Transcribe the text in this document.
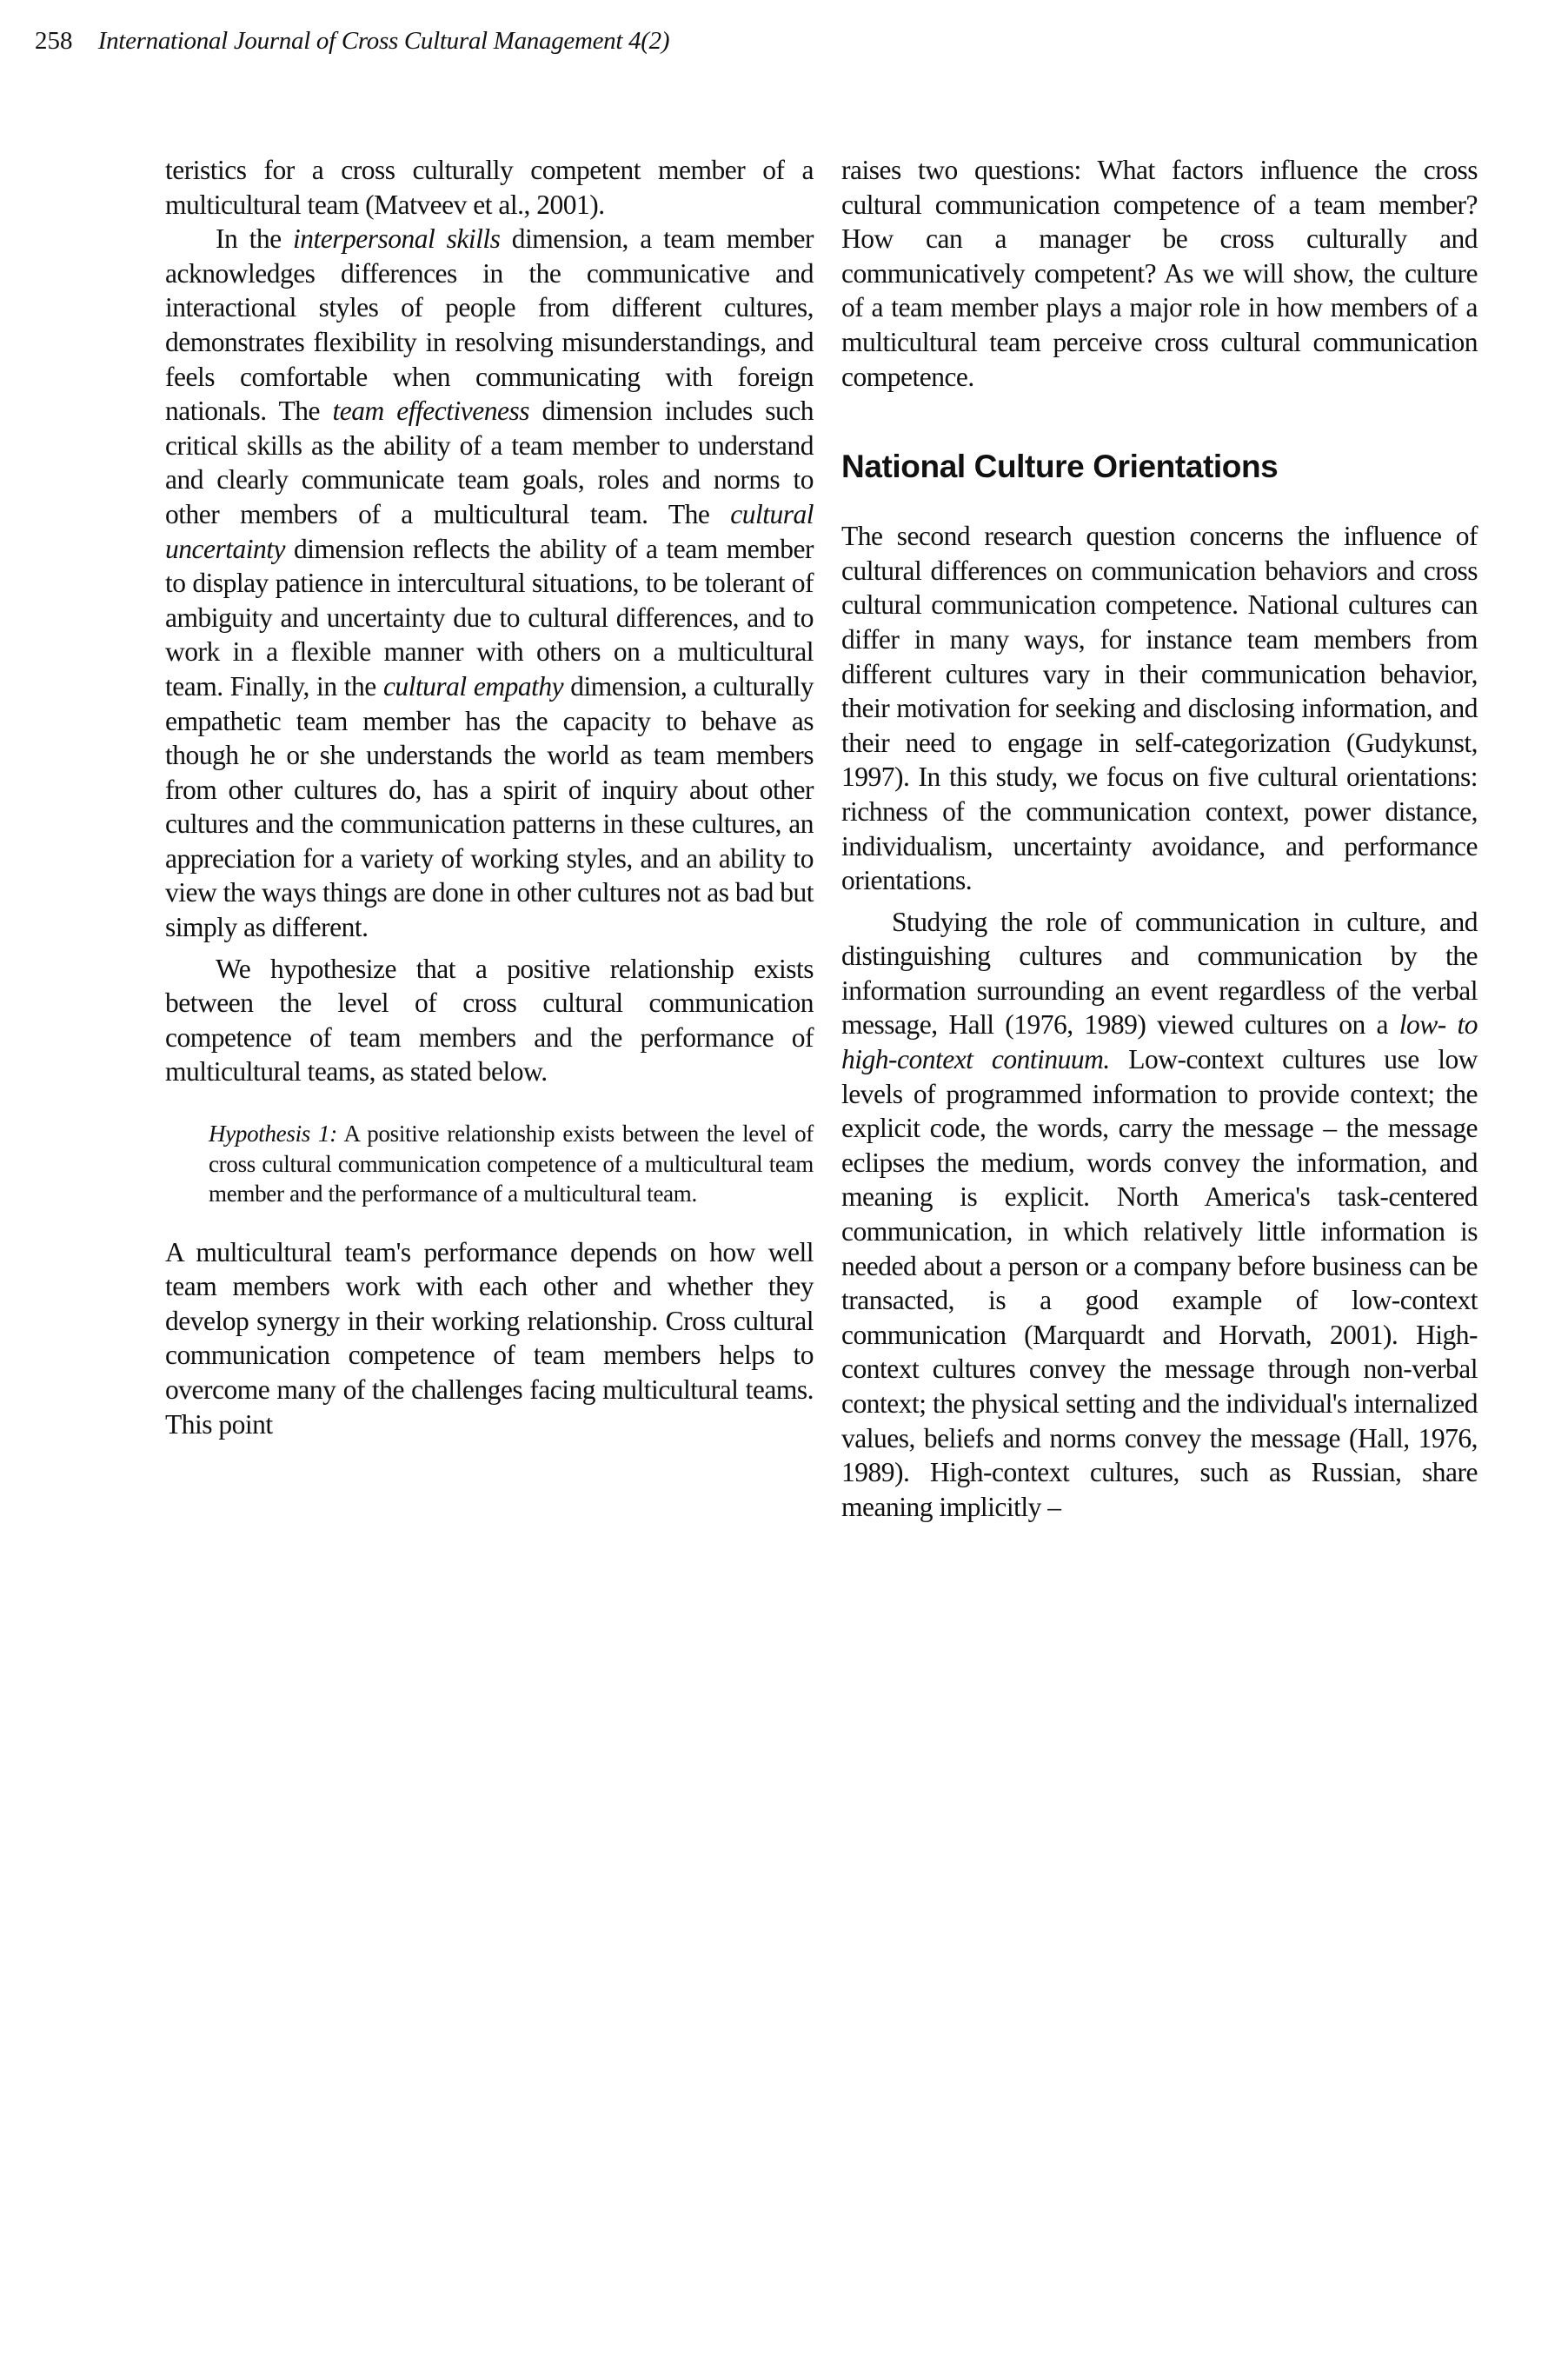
258 International Journal of Cross Cultural Management 4(2)

teristics for a cross culturally competent member of a multicultural team (Matveev et al., 2001).

In the interpersonal skills dimension, a team member acknowledges differences in the communicative and interactional styles of people from different cultures, demonstrates flexibility in resolving misunderstandings, and feels comfortable when communicating with foreign nationals. The team effectiveness dimension includes such critical skills as the ability of a team member to understand and clearly communicate team goals, roles and norms to other members of a multicultural team. The cultural uncertainty dimension reflects the ability of a team member to display patience in intercultural situations, to be tolerant of ambiguity and uncertainty due to cultural differences, and to work in a flexible manner with others on a multicultural team. Finally, in the cultural empathy dimension, a culturally empathetic team member has the capacity to behave as though he or she understands the world as team members from other cultures do, has a spirit of inquiry about other cultures and the communication patterns in these cultures, an appreciation for a variety of working styles, and an ability to view the ways things are done in other cultures not as bad but simply as different.

We hypothesize that a positive relationship exists between the level of cross cultural communication competence of team members and the performance of multicultural teams, as stated below.

Hypothesis 1: A positive relationship exists between the level of cross cultural communication competence of a multicultural team member and the performance of a multicultural team.

A multicultural team's performance depends on how well team members work with each other and whether they develop synergy in their working relationship. Cross cultural communication competence of team members helps to overcome many of the challenges facing multicultural teams. This point

raises two questions: What factors influence the cross cultural communication competence of a team member? How can a manager be cross culturally and communicatively competent? As we will show, the culture of a team member plays a major role in how members of a multicultural team perceive cross cultural communication competence.

National Culture Orientations

The second research question concerns the influence of cultural differences on communication behaviors and cross cultural communication competence. National cultures can differ in many ways, for instance team members from different cultures vary in their communication behavior, their motivation for seeking and disclosing information, and their need to engage in self-categorization (Gudykunst, 1997). In this study, we focus on five cultural orientations: richness of the communication context, power distance, individualism, uncertainty avoidance, and performance orientations.

Studying the role of communication in culture, and distinguishing cultures and communication by the information surrounding an event regardless of the verbal message, Hall (1976, 1989) viewed cultures on a low- to high-context continuum. Low-context cultures use low levels of programmed information to provide context; the explicit code, the words, carry the message – the message eclipses the medium, words convey the information, and meaning is explicit. North America's task-centered communication, in which relatively little information is needed about a person or a company before business can be transacted, is a good example of low-context communication (Marquardt and Horvath, 2001). High-context cultures convey the message through non-verbal context; the physical setting and the individual's internalized values, beliefs and norms convey the message (Hall, 1976, 1989). High-context cultures, such as Russian, share meaning implicitly –
